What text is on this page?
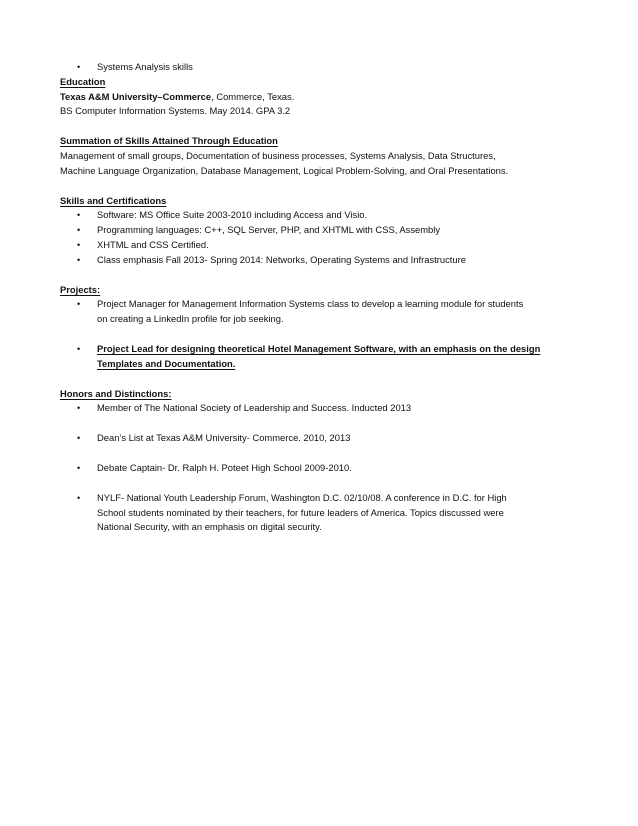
• Systems Analysis skills
Education
Texas A&M University–Commerce, Commerce, Texas.
BS Computer Information Systems. May 2014. GPA 3.2
Summation of Skills Attained Through Education
Management of small groups, Documentation of business processes, Systems Analysis, Data Structures,
Machine Language Organization, Database Management, Logical Problem-Solving, and Oral Presentations.
Skills and Certifications
• Software: MS Office Suite 2003-2010 including Access and Visio.
• Programming languages: C++, SQL Server, PHP, and XHTML with CSS, Assembly
• XHTML and CSS Certified.
• Class emphasis Fall 2013- Spring 2014: Networks, Operating Systems and Infrastructure
Projects:
• Project Manager for Management Information Systems class to develop a learning module for students
on creating a LinkedIn profile for job seeking.
• Project Lead for designing theoretical Hotel Management Software, with an emphasis on the design
Templates and Documentation.
Honors and Distinctions:
• Member of The National Society of Leadership and Success. Inducted 2013
• Dean’s List at Texas A&M University- Commerce. 2010, 2013
• Debate Captain- Dr. Ralph H. Poteet High School 2009-2010.
• NYLF- National Youth Leadership Forum, Washington D.C. 02/10/08. A conference in D.C. for High
School students nominated by their teachers, for future leaders of America. Topics discussed were
National Security, with an emphasis on digital security.
